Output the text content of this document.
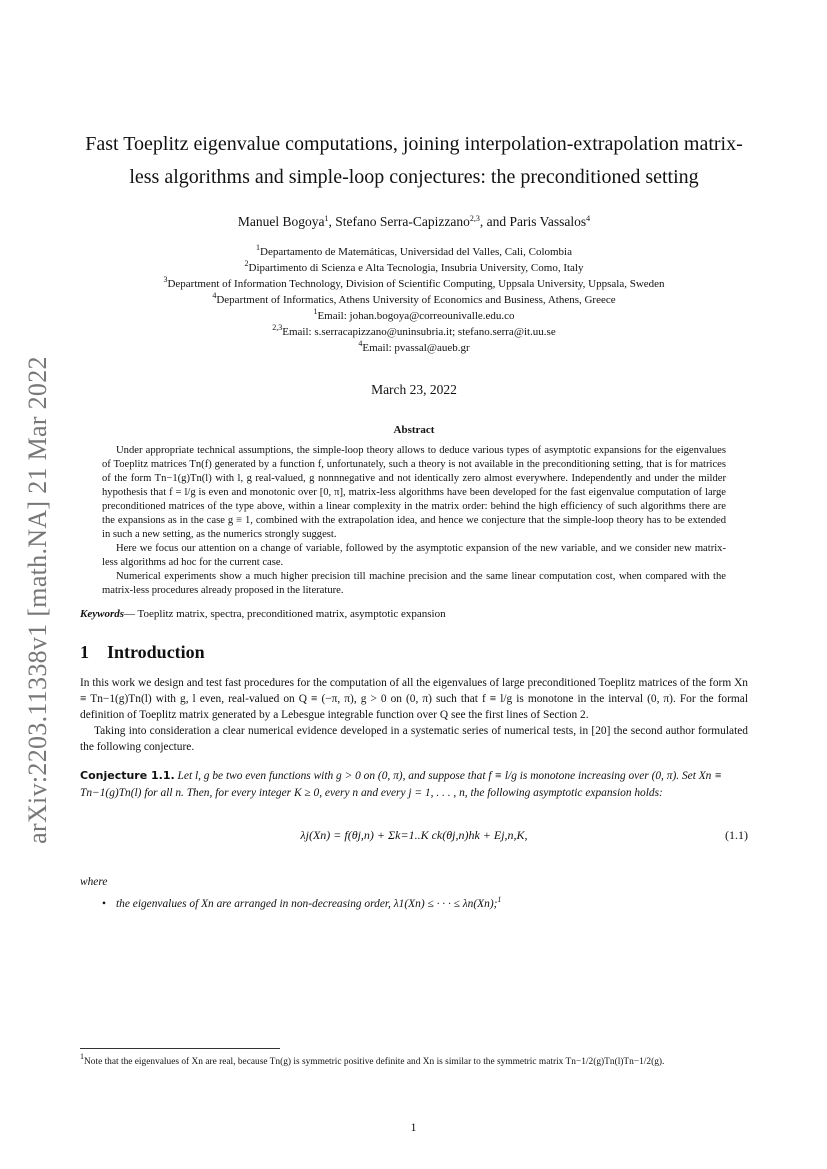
arXiv:2203.11338v1 [math.NA] 21 Mar 2022
Fast Toeplitz eigenvalue computations, joining interpolation-extrapolation matrix-less algorithms and simple-loop conjectures: the preconditioned setting
Manuel Bogoya$^1$, Stefano Serra-Capizzano$^{2,3}$, and Paris Vassalos$^4$
$^1$Departamento de Matemáticas, Universidad del Valles, Cali, Colombia
$^2$Dipartimento di Scienza e Alta Tecnologia, Insubria University, Como, Italy
$^3$Department of Information Technology, Division of Scientific Computing, Uppsala University, Uppsala, Sweden
$^4$Department of Informatics, Athens University of Economics and Business, Athens, Greece
$^1$Email: johan.bogoya@correounivalle.edu.co
$^{2,3}$Email: s.serracapizzano@uninsubria.it; stefano.serra@it.uu.se
$^4$Email: pvassal@aueb.gr
March 23, 2022
Abstract

Under appropriate technical assumptions, the simple-loop theory allows to deduce various types of asymptotic expansions for the eigenvalues of Toeplitz matrices Tn(f) generated by a function f, unfortunately, such a theory is not available in the preconditioning setting, that is for matrices of the form Tn−1(g)Tn(l) with l, g real-valued, g nonnnegative and not identically zero almost everywhere. Independently and under the milder hypothesis that f = l/g is even and monotonic over [0, π], matrix-less algorithms have been developed for the fast eigenvalue computation of large preconditioned matrices of the type above, within a linear complexity in the matrix order: behind the high efficiency of such algorithms there are the expansions as in the case g ≡ 1, combined with the extrapolation idea, and hence we conjecture that the simple-loop theory has to be extended in such a new setting, as the numerics strongly suggest.

Here we focus our attention on a change of variable, followed by the asymptotic expansion of the new variable, and we consider new matrix-less algorithms ad hoc for the current case.

Numerical experiments show a much higher precision till machine precision and the same linear computation cost, when compared with the matrix-less procedures already proposed in the literature.

Keywords— Toeplitz matrix, spectra, preconditioned matrix, asymptotic expansion
1 Introduction

In this work we design and test fast procedures for the computation of all the eigenvalues of large preconditioned Toeplitz matrices of the form Xn ≡ Tn−1(g)Tn(l) with g, l even, real-valued on Q ≡ (−π, π), g > 0 on (0, π) such that f ≡ l/g is monotone in the interval (0, π). For the formal definition of Toeplitz matrix generated by a Lebesgue integrable function over Q see the first lines of Section 2.

Taking into consideration a clear numerical evidence developed in a systematic series of numerical tests, in [20] the second author formulated the following conjecture.

Conjecture 1.1. Let l, g be two even functions with g > 0 on (0, π), and suppose that f ≡ l/g is monotone increasing over (0, π). Set Xn ≡ Tn−1(g)Tn(l) for all n. Then, for every integer K ≥ 0, every n and every j = 1, . . . , n, the following asymptotic expansion holds:
λj(Xn) = f(θj,n) + Σk=1..K ck(θj,n)hk + Ej,n,K,	(1.1)
where
• the eigenvalues of Xn are arranged in non-decreasing order, λ1(Xn) ≤ · · · ≤ λn(Xn);$^1$
$^1$Note that the eigenvalues of Xn are real, because Tn(g) is symmetric positive definite and Xn is similar to the symmetric matrix Tn−1/2(g)Tn(l)Tn−1/2(g).
1
